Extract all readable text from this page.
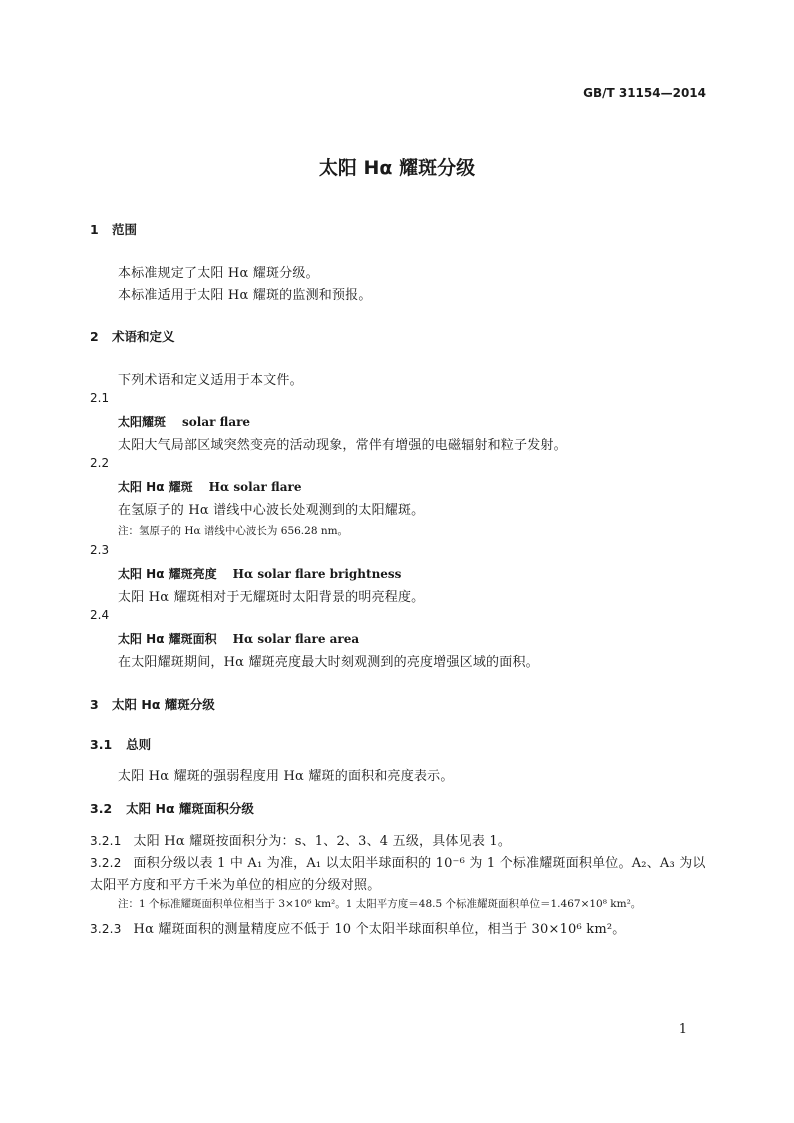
GB/T 31154—2014
太阳 Hα 耀斑分级
1 范围
本标准规定了太阳 Hα 耀斑分级。
本标准适用于太阳 Hα 耀斑的监测和预报。
2 术语和定义
下列术语和定义适用于本文件。
2.1
太阳耀斑 solar flare
太阳大气局部区域突然变亮的活动现象，常伴有增强的电磁辐射和粒子发射。
2.2
太阳 Hα 耀斑 Hα solar flare
在氢原子的 Hα 谱线中心波长处观测到的太阳耀斑。
注：氢原子的 Hα 谱线中心波长为 656.28 nm。
2.3
太阳 Hα 耀斑亮度 Hα solar flare brightness
太阳 Hα 耀斑相对于无耀斑时太阳背景的明亮程度。
2.4
太阳 Hα 耀斑面积 Hα solar flare area
在太阳耀斑期间，Hα 耀斑亮度最大时刻观测到的亮度增强区域的面积。
3 太阳 Hα 耀斑分级
3.1 总则
太阳 Hα 耀斑的强弱程度用 Hα 耀斑的面积和亮度表示。
3.2 太阳 Hα 耀斑面积分级
3.2.1 太阳 Hα 耀斑按面积分为：s、1、2、3、4 五级，具体见表 1。
3.2.2 面积分级以表 1 中 A₁ 为准，A₁ 以太阳半球面积的 10⁻⁶ 为 1 个标准耀斑面积单位。A₂、A₃ 为以
太阳平方度和平方千米为单位的相应的分级对照。
注：1 个标准耀斑面积单位相当于 3×10⁶ km²。1 太阳平方度＝48.5 个标准耀斑面积单位＝1.467×10⁸ km²。
3.2.3 Hα 耀斑面积的测量精度应不低于 10 个太阳半球面积单位，相当于 30×10⁶ km²。
1
